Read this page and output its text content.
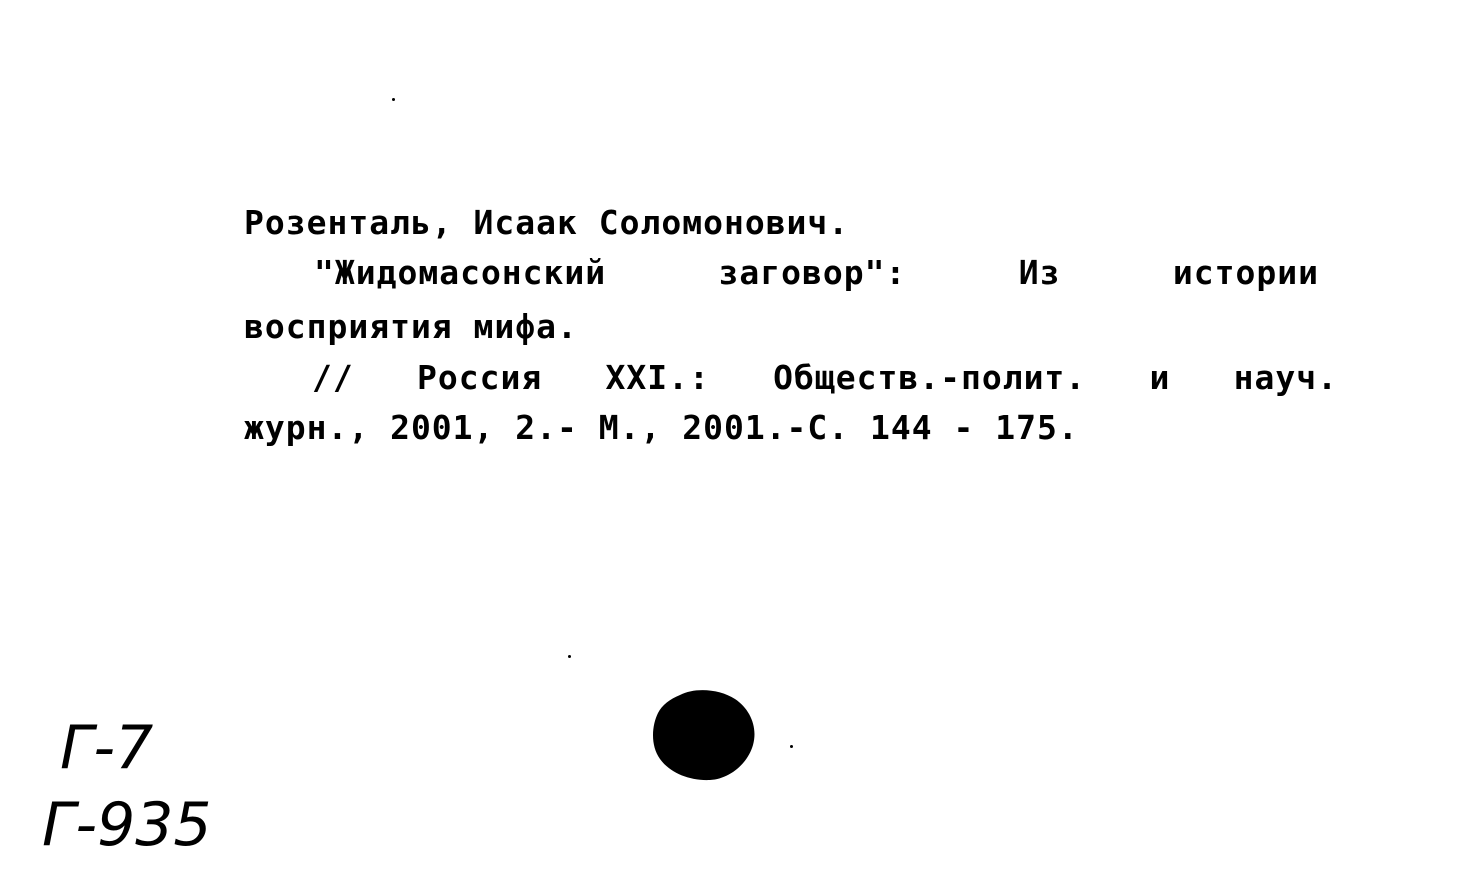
Розенталь, Исаак Соломонович.
"Жидомасонский	заговор":	Из	истории
восприятия мифа.
// Россия XXI.: Обществ.-полит. и науч.
журн., 2001, 2.- М., 2001.-С. 144 - 175.
Г-7
Г-935
